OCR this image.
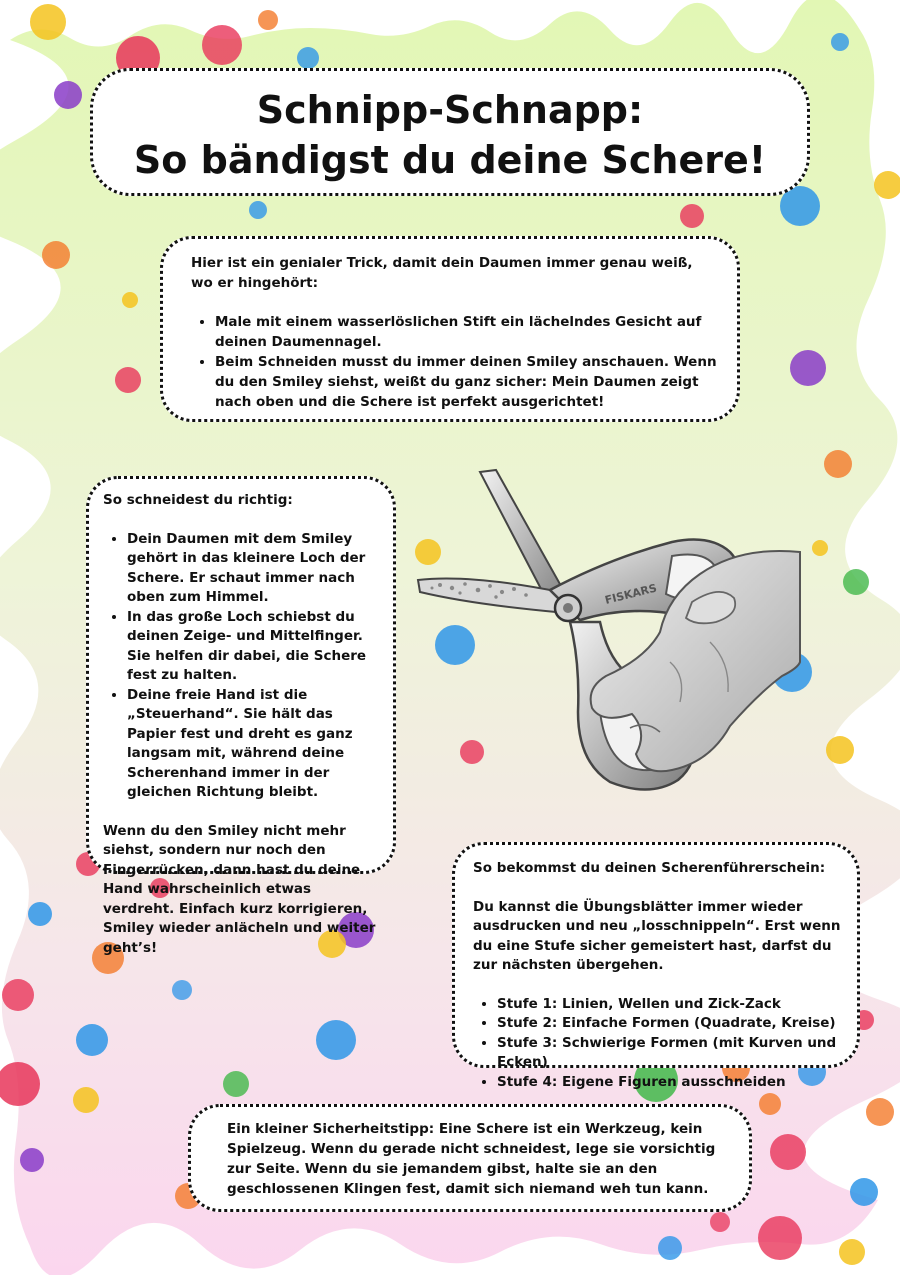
Schnipp-Schnapp:
So bändigst du deine Schere!

Hier ist ein genialer Trick, damit dein Daumen immer genau weiß, wo er hingehört:

• Male mit einem wasserlöslichen Stift ein lächelndes Gesicht auf deinen Daumennagel.
• Beim Schneiden musst du immer deinen Smiley anschauen. Wenn du den Smiley siehst, weißt du ganz sicher: Mein Daumen zeigt nach oben und die Schere ist perfekt ausgerichtet!

So schneidest du richtig:

• Dein Daumen mit dem Smiley gehört in das kleinere Loch der Schere. Er schaut immer nach oben zum Himmel.
• In das große Loch schiebst du deinen Zeige- und Mittelfinger. Sie helfen dir dabei, die Schere fest zu halten.
• Deine freie Hand ist die „Steuerhand“. Sie hält das Papier fest und dreht es ganz langsam mit, während deine Scherenhand immer in der gleichen Richtung bleibt.

Wenn du den Smiley nicht mehr siehst, sondern nur noch den Fingerrücken, dann hast du deine Hand wahrscheinlich etwas verdreht. Einfach kurz korrigieren, Smiley wieder anlächeln und weiter geht’s!

FISKARS

So bekommst du deinen Scherenführerschein:

Du kannst die Übungsblätter immer wieder ausdrucken und neu „losschnippeln“. Erst wenn du eine Stufe sicher gemeistert hast, darfst du zur nächsten übergehen.

• Stufe 1: Linien, Wellen und Zick-Zack
• Stufe 2: Einfache Formen (Quadrate, Kreise)
• Stufe 3: Schwierige Formen (mit Kurven und Ecken)
• Stufe 4: Eigene Figuren ausschneiden

Ein kleiner Sicherheitstipp: Eine Schere ist ein Werkzeug, kein Spielzeug. Wenn du gerade nicht schneidest, lege sie vorsichtig zur Seite. Wenn du sie jemandem gibst, halte sie an den geschlossenen Klingen fest, damit sich niemand weh tun kann.
